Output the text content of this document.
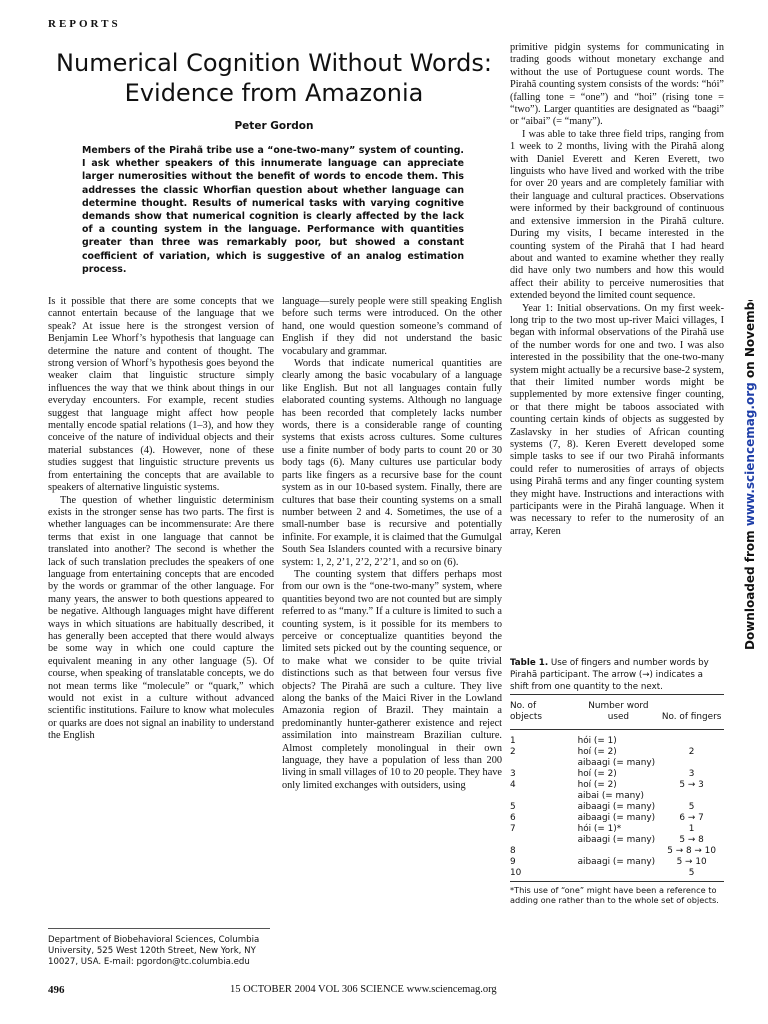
REPORTS
Numerical Cognition Without Words: Evidence from Amazonia
Peter Gordon
Members of the Pirahã tribe use a “one-two-many” system of counting. I ask whether speakers of this innumerate language can appreciate larger numerosities without the benefit of words to encode them. This addresses the classic Whorfian question about whether language can determine thought. Results of numerical tasks with varying cognitive demands show that numerical cognition is clearly affected by the lack of a counting system in the language. Performance with quantities greater than three was remarkably poor, but showed a constant coefficient of variation, which is suggestive of an analog estimation process.

Is it possible that there are some concepts that we cannot entertain because of the language that we speak? At issue here is the strongest version of Benjamin Lee Whorf’s hypothesis that language can determine the nature and content of thought. The strong version of Whorf’s hypothesis goes beyond the weaker claim that linguistic structure simply influences the way that we think about things in our everyday encounters. For example, recent studies suggest that language might affect how people mentally encode spatial relations (1–3), and how they conceive of the nature of individual objects and their material substances (4). However, none of these studies suggest that linguistic structure prevents us from entertaining the concepts that are available to speakers of alternative linguistic systems.

The question of whether linguistic determinism exists in the stronger sense has two parts. The first is whether languages can be incommensurate: Are there terms that exist in one language that cannot be translated into another? The second is whether the lack of such translation precludes the speakers of one language from entertaining concepts that are encoded by the words or grammar of the other language. For many years, the answer to both questions appeared to be negative. Although languages might have different ways in which situations are habitually described, it has generally been accepted that there would always be some way in which one could capture the equivalent meaning in any other language (5). Of course, when speaking of translatable concepts, we do not mean terms like “molecule” or “quark,” which would not exist in a culture without advanced scientific institutions. Failure to know what molecules or quarks are does not signal an inability to understand the English

language—surely people were still speaking English before such terms were introduced. On the other hand, one would question someone’s command of English if they did not understand the basic vocabulary and grammar.

Words that indicate numerical quantities are clearly among the basic vocabulary of a language like English. But not all languages contain fully elaborated counting systems. Although no language has been recorded that completely lacks number words, there is a considerable range of counting systems that exists across cultures. Some cultures use a finite number of body parts to count 20 or 30 body tags (6). Many cultures use particular body parts like fingers as a recursive base for the count system as in our 10-based system. Finally, there are cultures that base their counting systems on a small number between 2 and 4. Sometimes, the use of a small-number base is recursive and potentially infinite. For example, it is claimed that the Gumulgal South Sea Islanders counted with a recursive binary system: 1, 2, 2’1, 2’2, 2’2’1, and so on (6).

The counting system that differs perhaps most from our own is the “one-two-many” system, where quantities beyond two are not counted but are simply referred to as “many.” If a culture is limited to such a counting system, is it possible for its members to perceive or conceptualize quantities beyond the limited sets picked out by the counting sequence, or to make what we consider to be quite trivial distinctions such as that between four versus five objects? The Pirahã are such a culture. They live along the banks of the Maici River in the Lowland Amazonia region of Brazil. They maintain a predominantly hunter-gatherer existence and reject assimilation into mainstream Brazilian culture. Almost completely monolingual in their own language, they have a population of less than 200 living in small villages of 10 to 20 people. They have only limited exchanges with outsiders, using

primitive pidgin systems for communicating in trading goods without monetary exchange and without the use of Portuguese count words. The Pirahã counting system consists of the words: “hói” (falling tone = “one”) and “hoi” (rising tone = “two”). Larger quantities are designated as “baagi” or “aibai” (= “many”).

I was able to take three field trips, ranging from 1 week to 2 months, living with the Pirahã along with Daniel Everett and Keren Everett, two linguists who have lived and worked with the tribe for over 20 years and are completely familiar with their language and cultural practices. Observations were informed by their background of continuous and extensive immersion in the Pirahã culture. During my visits, I became interested in the counting system of the Pirahã that I had heard about and wanted to examine whether they really did have only two numbers and how this would affect their ability to perceive numerosities that extended beyond the limited count sequence.

Year 1: Initial observations. On my first week-long trip to the two most up-river Maici villages, I began with informal observations of the Pirahã use of the number words for one and two. I was also interested in the possibility that the one-two-many system might actually be a recursive base-2 system, that their limited number words might be supplemented by more extensive finger counting, or that there might be taboos associated with counting certain kinds of objects as suggested by Zaslavsky in her studies of African counting systems (7, 8). Keren Everett developed some simple tasks to see if our two Pirahã informants could refer to numerosities of arrays of objects using Pirahã terms and any finger counting system they might have. Instructions and interactions with participants were in the Pirahã language. When it was necessary to refer to the numerosity of an array, Keren

Department of Biobehavioral Sciences, Columbia University, 525 West 120th Street, New York, NY 10027, USA. E-mail: pgordon@tc.columbia.edu
Table 1. Use of fingers and number words by Pirahã participant. The arrow (→) indicates a shift from one quantity to the next.
No. of objects	Number word used	No. of fingers
1	hói (= 1)	
2	hoí (= 2)	2
	aibaagi (= many)	
3	hoí (= 2)	3
4	hoí (= 2)	5 → 3
	aibai (= many)	
5	aibaagi (= many)	5
6	aibaagi (= many)	6 → 7
7	hói (= 1)*	1
	aibaagi (= many)	5 → 8
8		5 → 8 → 10
9	aibaagi (= many)	5 → 10
10		5
*This use of “one” might have been a reference to adding one rather than to the whole set of objects.
Downloaded from www.sciencemag.org on November 20, 2015
496	15 OCTOBER 2004 VOL 306 SCIENCE www.sciencemag.org
